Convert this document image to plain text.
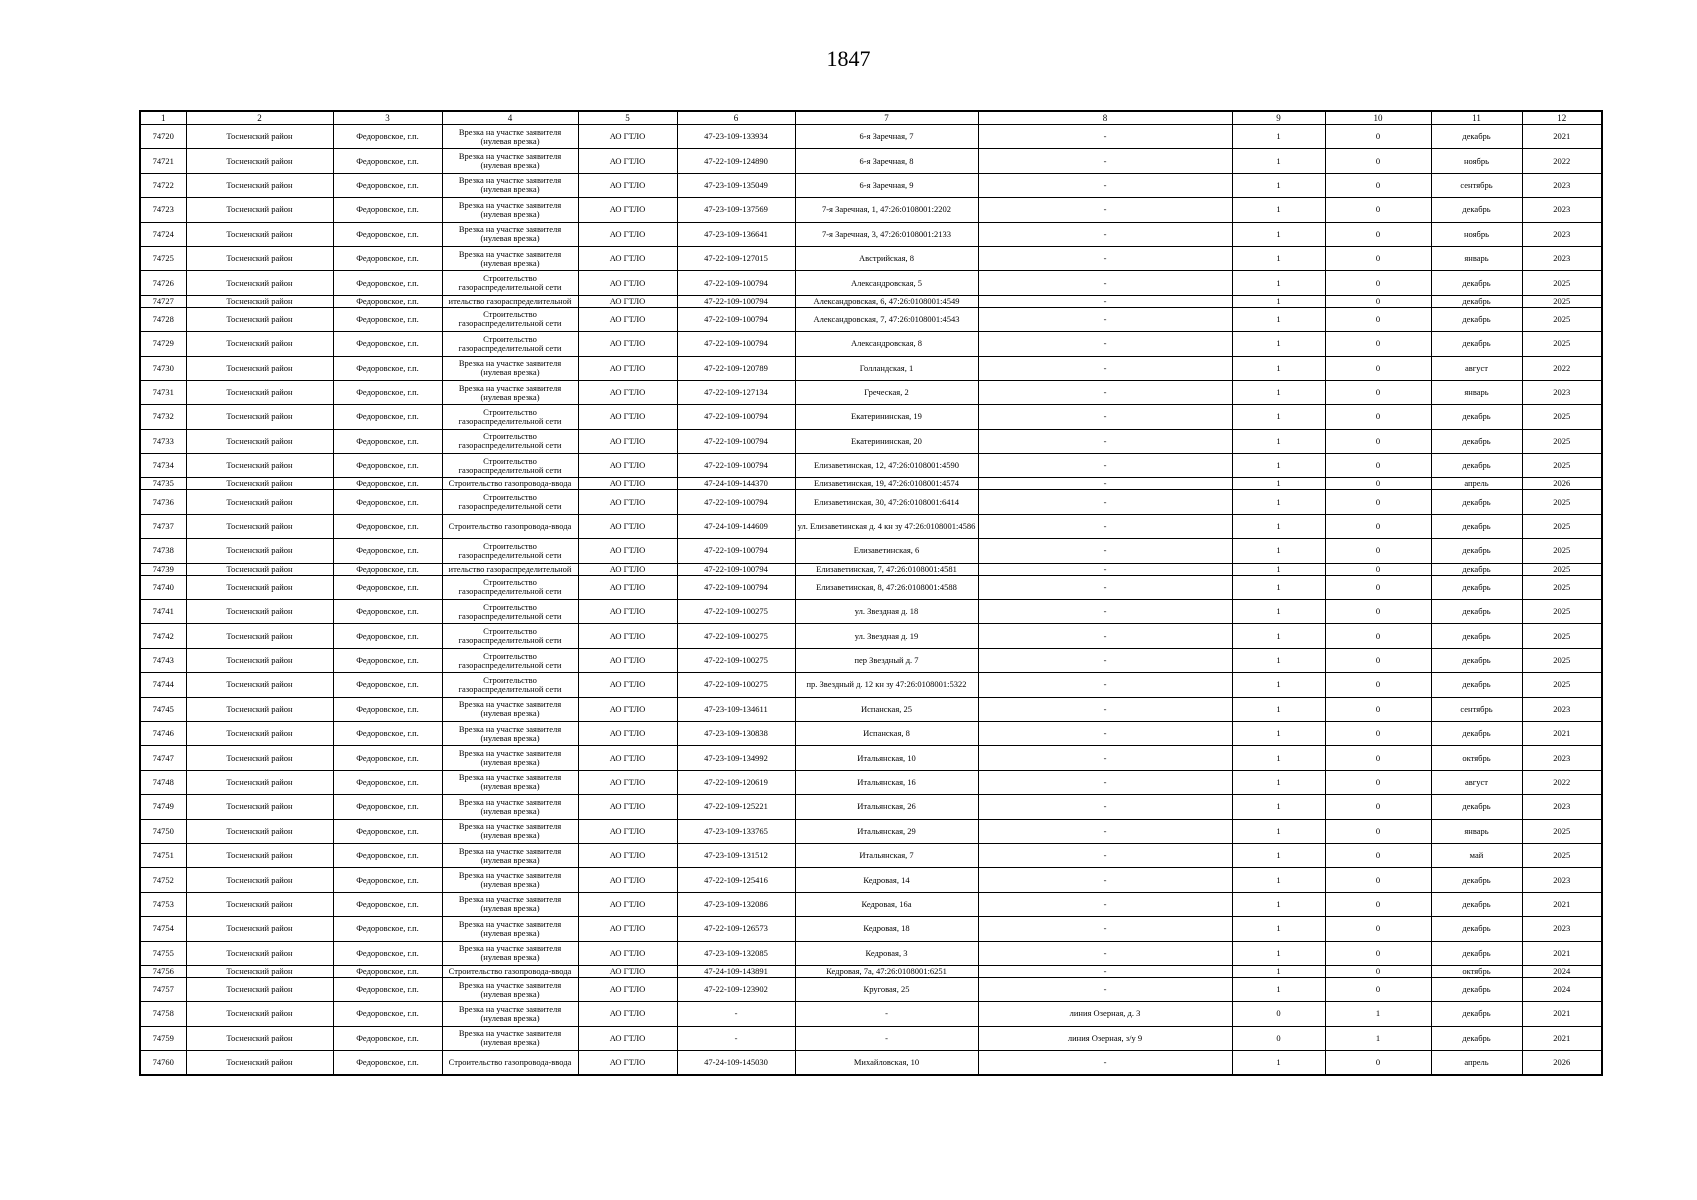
1847
1	2	3	4	5	6	7	8	9	10	11	12
74720	Тосненский район	Федоровское, г.п.	Врезка на участке заявителя (нулевая врезка)	АО ГТЛО	47-23-109-133934	6-я Заречная, 7	-	1	0	декабрь	2021
74721	Тосненский район	Федоровское, г.п.	Врезка на участке заявителя (нулевая врезка)	АО ГТЛО	47-22-109-124890	6-я Заречная, 8	-	1	0	ноябрь	2022
74722	Тосненский район	Федоровское, г.п.	Врезка на участке заявителя (нулевая врезка)	АО ГТЛО	47-23-109-135049	6-я Заречная, 9	-	1	0	сентябрь	2023
74723	Тосненский район	Федоровское, г.п.	Врезка на участке заявителя (нулевая врезка)	АО ГТЛО	47-23-109-137569	7-я Заречная, 1, 47:26:0108001:2202	-	1	0	декабрь	2023
74724	Тосненский район	Федоровское, г.п.	Врезка на участке заявителя (нулевая врезка)	АО ГТЛО	47-23-109-136641	7-я Заречная, 3, 47:26:0108001:2133	-	1	0	ноябрь	2023
74725	Тосненский район	Федоровское, г.п.	Врезка на участке заявителя (нулевая врезка)	АО ГТЛО	47-22-109-127015	Австрийская, 8	-	1	0	январь	2023
74726	Тосненский район	Федоровское, г.п.	Строительство газораспределительной сети	АО ГТЛО	47-22-109-100794	Александровская, 5	-	1	0	декабрь	2025
74727	Тосненский район	Федоровское, г.п.	ительство газораспределительной	АО ГТЛО	47-22-109-100794	Александровская, 6, 47:26:0108001:4549	-	1	0	декабрь	2025
74728	Тосненский район	Федоровское, г.п.	Строительство газораспределительной сети	АО ГТЛО	47-22-109-100794	Александровская, 7, 47:26:0108001:4543	-	1	0	декабрь	2025
74729	Тосненский район	Федоровское, г.п.	Строительство газораспределительной сети	АО ГТЛО	47-22-109-100794	Александровская, 8	-	1	0	декабрь	2025
74730	Тосненский район	Федоровское, г.п.	Врезка на участке заявителя (нулевая врезка)	АО ГТЛО	47-22-109-120789	Голландская, 1	-	1	0	август	2022
74731	Тосненский район	Федоровское, г.п.	Врезка на участке заявителя (нулевая врезка)	АО ГТЛО	47-22-109-127134	Греческая, 2	-	1	0	январь	2023
74732	Тосненский район	Федоровское, г.п.	Строительство газораспределительной сети	АО ГТЛО	47-22-109-100794	Екатерининская, 19	-	1	0	декабрь	2025
74733	Тосненский район	Федоровское, г.п.	Строительство газораспределительной сети	АО ГТЛО	47-22-109-100794	Екатерининская, 20	-	1	0	декабрь	2025
74734	Тосненский район	Федоровское, г.п.	Строительство газораспределительной сети	АО ГТЛО	47-22-109-100794	Елизаветинская, 12, 47:26:0108001:4590	-	1	0	декабрь	2025
74735	Тосненский район	Федоровское, г.п.	Строительство газопровода-ввода	АО ГТЛО	47-24-109-144370	Елизаветинская, 19, 47:26:0108001:4574	-	1	0	апрель	2026
74736	Тосненский район	Федоровское, г.п.	Строительство газораспределительной сети	АО ГТЛО	47-22-109-100794	Елизаветинская, 30, 47:26:0108001:6414	-	1	0	декабрь	2025
74737	Тосненский район	Федоровское, г.п.	Строительство газопровода-ввода	АО ГТЛО	47-24-109-144609	ул. Елизаветинская д. 4 кн зу 47:26:0108001:4586	-	1	0	декабрь	2025
74738	Тосненский район	Федоровское, г.п.	Строительство газораспределительной сети	АО ГТЛО	47-22-109-100794	Елизаветинская, 6	-	1	0	декабрь	2025
74739	Тосненский район	Федоровское, г.п.	ительство газораспределительной	АО ГТЛО	47-22-109-100794	Елизаветинская, 7, 47:26:0108001:4581	-	1	0	декабрь	2025
74740	Тосненский район	Федоровское, г.п.	Строительство газораспределительной сети	АО ГТЛО	47-22-109-100794	Елизаветинская, 8, 47:26:0108001:4588	-	1	0	декабрь	2025
74741	Тосненский район	Федоровское, г.п.	Строительство газораспределительной сети	АО ГТЛО	47-22-109-100275	ул. Звездная д. 18	-	1	0	декабрь	2025
74742	Тосненский район	Федоровское, г.п.	Строительство газораспределительной сети	АО ГТЛО	47-22-109-100275	ул. Звездная д. 19	-	1	0	декабрь	2025
74743	Тосненский район	Федоровское, г.п.	Строительство газораспределительной сети	АО ГТЛО	47-22-109-100275	пер Звездный д. 7	-	1	0	декабрь	2025
74744	Тосненский район	Федоровское, г.п.	Строительство газораспределительной сети	АО ГТЛО	47-22-109-100275	пр. Звездный д. 12 кн зу 47:26:0108001:5322	-	1	0	декабрь	2025
74745	Тосненский район	Федоровское, г.п.	Врезка на участке заявителя (нулевая врезка)	АО ГТЛО	47-23-109-134611	Испанская, 25	-	1	0	сентябрь	2023
74746	Тосненский район	Федоровское, г.п.	Врезка на участке заявителя (нулевая врезка)	АО ГТЛО	47-23-109-130838	Испанская, 8	-	1	0	декабрь	2021
74747	Тосненский район	Федоровское, г.п.	Врезка на участке заявителя (нулевая врезка)	АО ГТЛО	47-23-109-134992	Итальянская, 10	-	1	0	октябрь	2023
74748	Тосненский район	Федоровское, г.п.	Врезка на участке заявителя (нулевая врезка)	АО ГТЛО	47-22-109-120619	Итальянская, 16	-	1	0	август	2022
74749	Тосненский район	Федоровское, г.п.	Врезка на участке заявителя (нулевая врезка)	АО ГТЛО	47-22-109-125221	Итальянская, 26	-	1	0	декабрь	2023
74750	Тосненский район	Федоровское, г.п.	Врезка на участке заявителя (нулевая врезка)	АО ГТЛО	47-23-109-133765	Итальянская, 29	-	1	0	январь	2025
74751	Тосненский район	Федоровское, г.п.	Врезка на участке заявителя (нулевая врезка)	АО ГТЛО	47-23-109-131512	Итальянская, 7	-	1	0	май	2025
74752	Тосненский район	Федоровское, г.п.	Врезка на участке заявителя (нулевая врезка)	АО ГТЛО	47-22-109-125416	Кедровая, 14	-	1	0	декабрь	2023
74753	Тосненский район	Федоровское, г.п.	Врезка на участке заявителя (нулевая врезка)	АО ГТЛО	47-23-109-132086	Кедровая, 16а	-	1	0	декабрь	2021
74754	Тосненский район	Федоровское, г.п.	Врезка на участке заявителя (нулевая врезка)	АО ГТЛО	47-22-109-126573	Кедровая, 18	-	1	0	декабрь	2023
74755	Тосненский район	Федоровское, г.п.	Врезка на участке заявителя (нулевая врезка)	АО ГТЛО	47-23-109-132085	Кедровая, 3	-	1	0	декабрь	2021
74756	Тосненский район	Федоровское, г.п.	Строительство газопровода-ввода	АО ГТЛО	47-24-109-143891	Кедровая, 7а, 47:26:0108001:6251	-	1	0	октябрь	2024
74757	Тосненский район	Федоровское, г.п.	Врезка на участке заявителя (нулевая врезка)	АО ГТЛО	47-22-109-123902	Круговая, 25	-	1	0	декабрь	2024
74758	Тосненский район	Федоровское, г.п.	Врезка на участке заявителя (нулевая врезка)	АО ГТЛО	-	-	линия Озерная, д. 3	0	1	декабрь	2021
74759	Тосненский район	Федоровское, г.п.	Врезка на участке заявителя (нулевая врезка)	АО ГТЛО	-	-	линия Озерная, з/у 9	0	1	декабрь	2021
74760	Тосненский район	Федоровское, г.п.	Строительство газопровода-ввода	АО ГТЛО	47-24-109-145030	Михайловская, 10	-	1	0	апрель	2026
